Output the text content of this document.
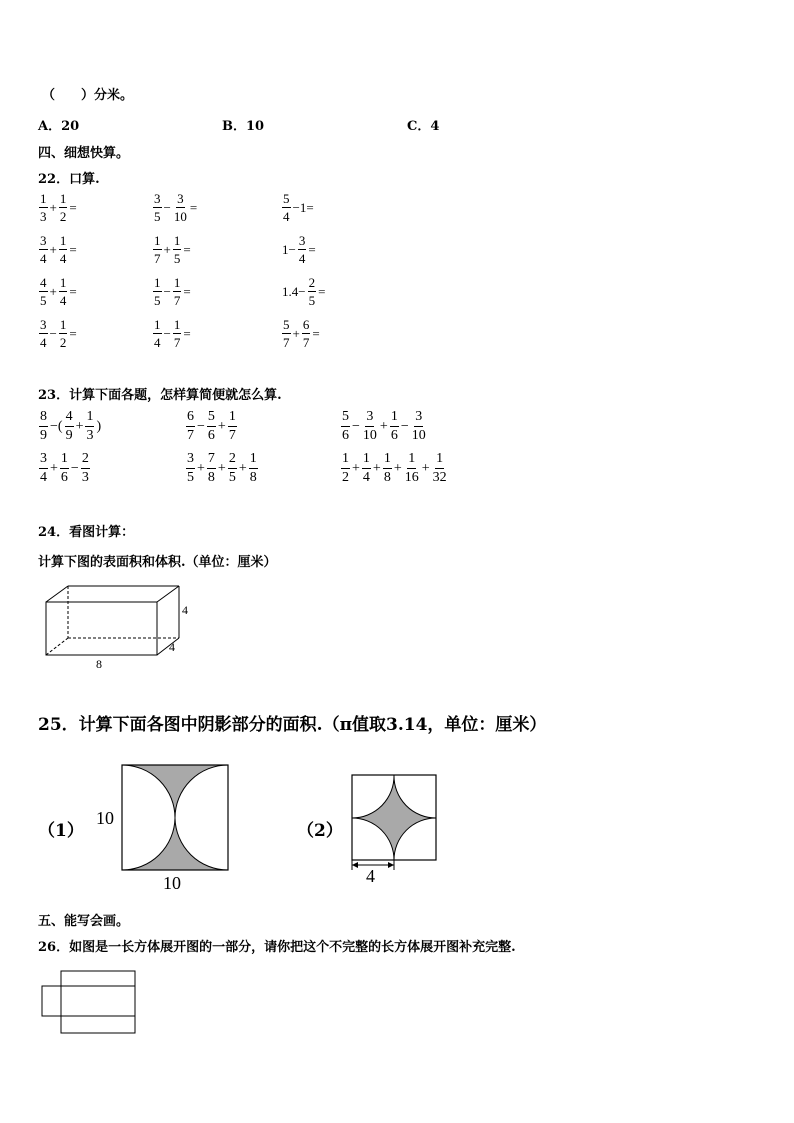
（　　）分米。
A．20	B．10	C．4
四、细想快算。
22．口算.
$\frac{1}{3} + \frac{1}{2}$ =	$\frac{3}{5} - \frac{3}{10}$ =	$\frac{5}{4} -1=$
$\frac{3}{4} + \frac{1}{4}$ =	$\frac{1}{7} + \frac{1}{5}$ =	$1- \frac{3}{4}$ =
$\frac{4}{5} + \frac{1}{4}$ =	$\frac{1}{5} - \frac{1}{7}$ =	$1.4- \frac{2}{5}$ =
$\frac{3}{4} - \frac{1}{2}$ =	$\frac{1}{4} - \frac{1}{7}$ =	$\frac{5}{7} + \frac{6}{7}$ =
23．计算下面各题，怎样算简便就怎么算.
$\frac{8}{9}$ −( $\frac{4}{9} + \frac{1}{3}$ )	$\frac{6}{7} - \frac{5}{6} + \frac{1}{7}$	$\frac{5}{6} - \frac{3}{10} + \frac{1}{6} - \frac{3}{10}$
$\frac{3}{4} + \frac{1}{6} - \frac{2}{3}$	$\frac{3}{5} + \frac{7}{8} + \frac{2}{5} + \frac{1}{8}$	$\frac{1}{2} + \frac{1}{4} + \frac{1}{8} + \frac{1}{16} + \frac{1}{32}$
24．看图计算：
计算下图的表面积和体积.（单位：厘米）
4
4
8
25．计算下面各图中阴影部分的面积.（π值取3.14，单位：厘米）
（1）
10
10
（2）
4
五、能写会画。
26．如图是一长方体展开图的一部分，请你把这个不完整的长方体展开图补充完整.
